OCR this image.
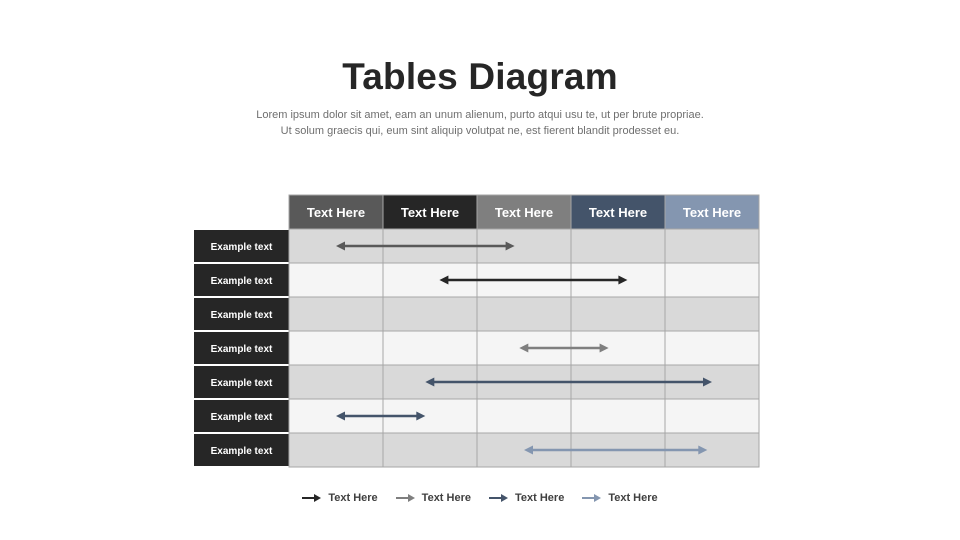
Tables Diagram
Lorem ipsum dolor sit amet, eam an unum alienum, purto atqui usu te, ut per brute propriae.
Ut solum graecis qui, eum sint aliquip volutpat ne, est fierent blandit prodesset eu.
Text Here	Text Here	Text Here	Text Here	Text Here
Example text
Example text
Example text
Example text
Example text
Example text
Example text
Text Here	Text Here	Text Here	Text Here
